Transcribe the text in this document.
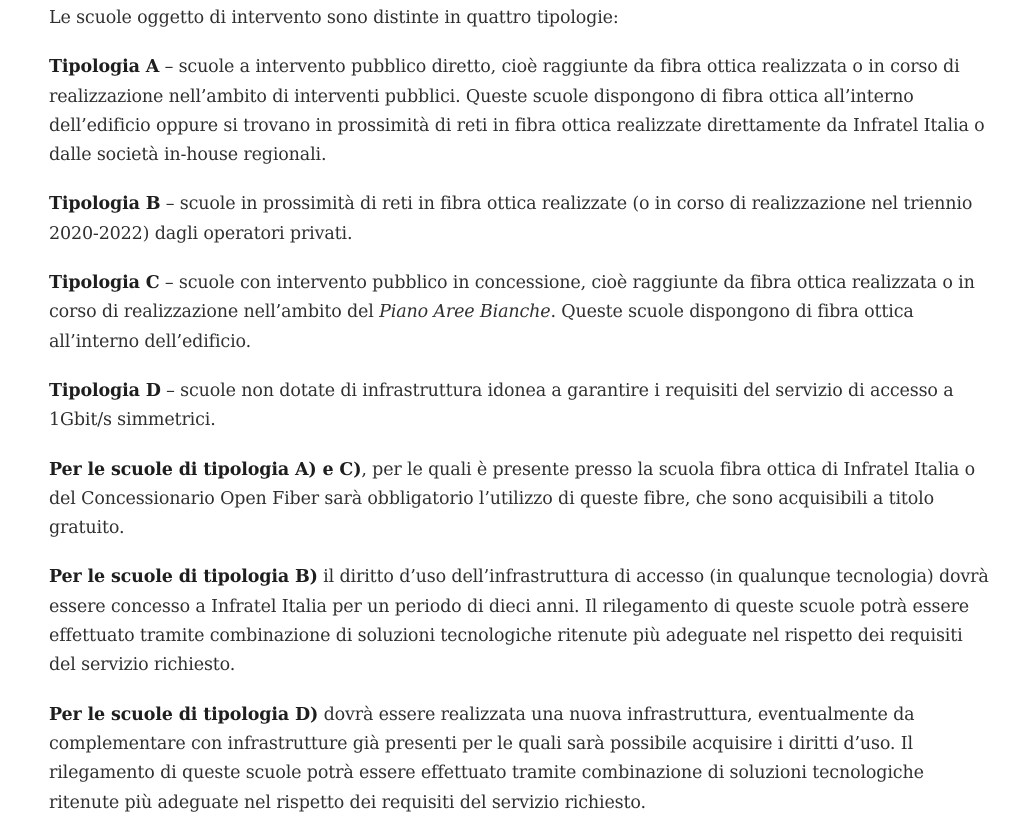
Le scuole oggetto di intervento sono distinte in quattro tipologie:

Tipologia A – scuole a intervento pubblico diretto, cioè raggiunte da fibra ottica realizzata o in corso di realizzazione nell’ambito di interventi pubblici. Queste scuole dispongono di fibra ottica all’interno dell’edificio oppure si trovano in prossimità di reti in fibra ottica realizzate direttamente da Infratel Italia o dalle società in-house regionali.

Tipologia B – scuole in prossimità di reti in fibra ottica realizzate (o in corso di realizzazione nel triennio 2020-2022) dagli operatori privati.

Tipologia C – scuole con intervento pubblico in concessione, cioè raggiunte da fibra ottica realizzata o in corso di realizzazione nell’ambito del Piano Aree Bianche. Queste scuole dispongono di fibra ottica all’interno dell’edificio.

Tipologia D – scuole non dotate di infrastruttura idonea a garantire i requisiti del servizio di accesso a 1Gbit/s simmetrici.

Per le scuole di tipologia A) e C), per le quali è presente presso la scuola fibra ottica di Infratel Italia o del Concessionario Open Fiber sarà obbligatorio l’utilizzo di queste fibre, che sono acquisibili a titolo gratuito.

Per le scuole di tipologia B) il diritto d’uso dell’infrastruttura di accesso (in qualunque tecnologia) dovrà essere concesso a Infratel Italia per un periodo di dieci anni. Il rilegamento di queste scuole potrà essere effettuato tramite combinazione di soluzioni tecnologiche ritenute più adeguate nel rispetto dei requisiti del servizio richiesto.

Per le scuole di tipologia D) dovrà essere realizzata una nuova infrastruttura, eventualmente da complementare con infrastrutture già presenti per le quali sarà possibile acquisire i diritti d’uso. Il rilegamento di queste scuole potrà essere effettuato tramite combinazione di soluzioni tecnologiche ritenute più adeguate nel rispetto dei requisiti del servizio richiesto.
